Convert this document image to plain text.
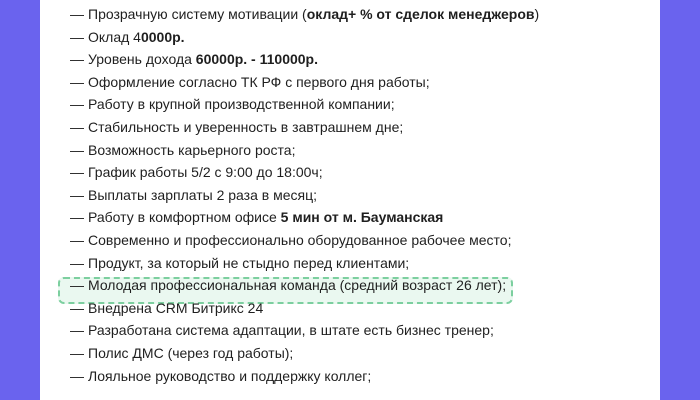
— Прозрачную систему мотивации (оклад+ % от сделок менеджеров)
— Оклад 40000р.
— Уровень дохода 60000р. - 110000р.
— Оформление согласно ТК РФ с первого дня работы;
— Работу в крупной производственной компании;
— Стабильность и уверенность в завтрашнем дне;
— Возможность карьерного роста;
— График работы 5/2 с 9:00 до 18:00ч;
— Выплаты зарплаты 2 раза в месяц;
— Работу в комфортном офисе 5 мин от м. Бауманская
— Современно и профессионально оборудованное рабочее место;
— Продукт, за который не стыдно перед клиентами;
— Молодая профессиональная команда (средний возраст 26 лет);
— Внедрена CRM Битрикс 24
— Разработана система адаптации, в штате есть бизнес тренер;
— Полис ДМС (через год работы);
— Лояльное руководство и поддержку коллег;
